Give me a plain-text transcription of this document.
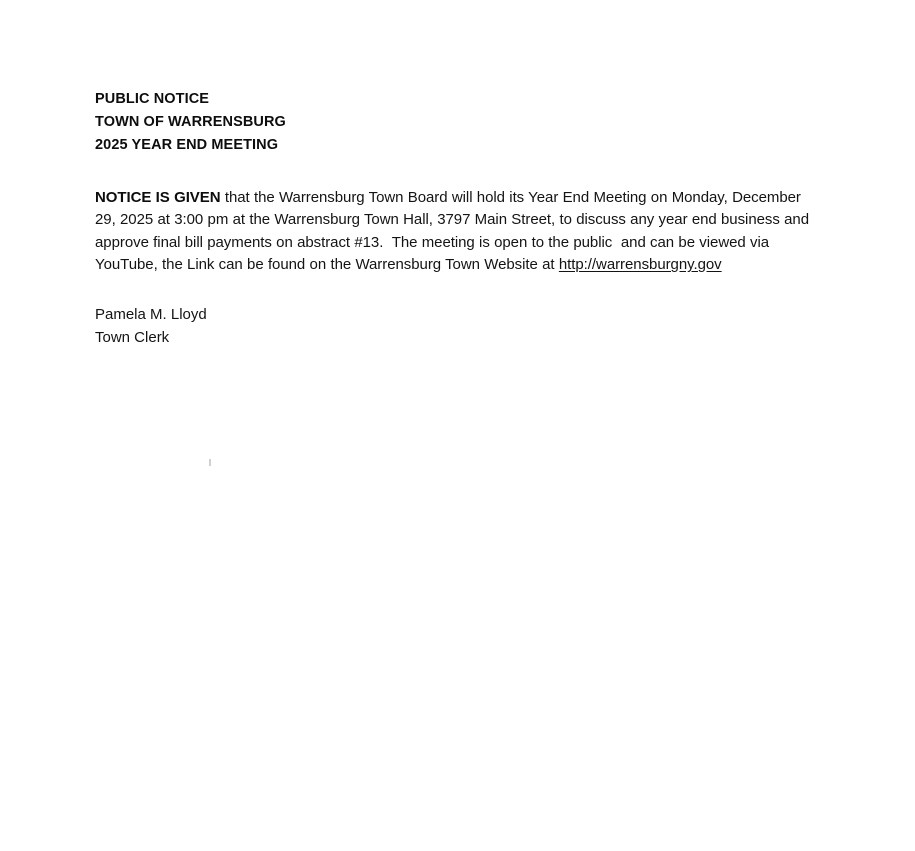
PUBLIC NOTICE
TOWN OF WARRENSBURG
2025 YEAR END MEETING

NOTICE IS GIVEN that the Warrensburg Town Board will hold its Year End Meeting on Monday, December 29, 2025 at 3:00 pm at the Warrensburg Town Hall, 3797 Main Street, to discuss any year end business and approve final bill payments on abstract #13.  The meeting is open to the public  and can be viewed via YouTube, the Link can be found on the Warrensburg Town Website at http://warrensburgny.gov

Pamela M. Lloyd
Town Clerk
